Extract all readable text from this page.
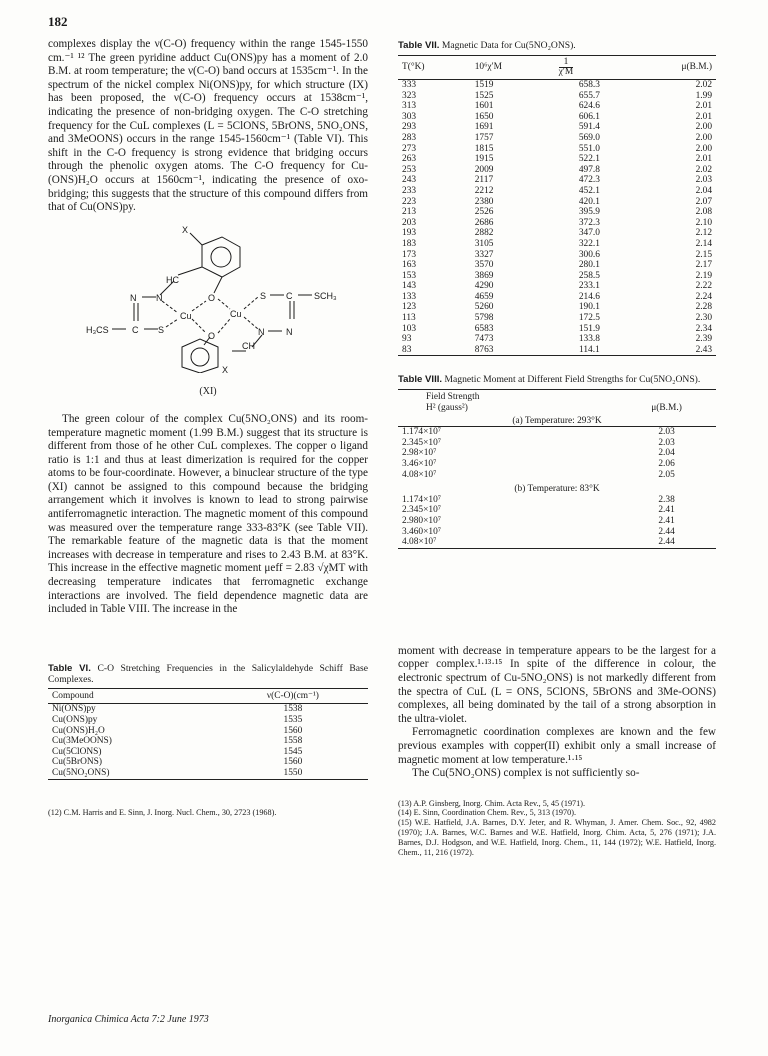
182

complexes display the ν(C-O) frequency within the range 1545-1550 cm.⁻¹ ¹² The green pyridine adduct Cu(ONS)py has a moment of 2.0 B.M. at room temperature; the ν(C-O) band occurs at 1535cm⁻¹. In the spectrum of the nickel complex Ni(ONS)py, for which structure (IX) has been proposed, the ν(C-O) frequency occurs at 1538cm⁻¹, indicating the presence of non-bridging oxygen. The C-O stretching frequency for the CuL complexes (L = 5ClONS, 5BrONS, 5NO₂ONS, and 3MeOONS) occurs in the range 1545-1560cm⁻¹ (Table VI). This shift in the C-O frequency is strong evidence that bridging occurs through the phenolic oxygen atoms. The C-O frequency for Cu-(ONS)H₂O occurs at 1560cm⁻¹, indicating the presence of oxo-bridging; this suggests that the structure of this compound differs from that of Cu(ONS)py.

X
HC
N N
C S
H₃CS
Cu
O
O
Cu
S C SCH₃
N N
CH
X
(XI)

The green colour of the complex Cu(5NO₂ONS) and its room-temperature magnetic moment (1.99 B.M.) suggest that its structure is different from those of he other CuL complexes. The copper o ligand ratio is 1:1 and thus at least dimerization is required for the copper atoms to be four-coordinate. However, a binuclear structure of the type (XI) cannot be assigned to this compound because the bridging arrangement which it involves is known to lead to strong pairwise antiferromagnetic interaction. The magnetic moment of this compound was measured over the temperature range 333-83°K (see Table VII). The remarkable feature of the magnetic data is that the moment increases with decrease in temperature and rises to 2.43 B.M. at 83°K. This increase in the effective magnetic moment μeff = 2.83 √χMT with decreasing temperature indicates that ferromagnetic exchange interactions are involved. The field dependence magnetic data are included in Table VIII. The increase in the

Table VI. C-O Stretching Frequencies in the Salicylaldehyde Schiff Base Complexes.

Compound	ν(C-O)(cm⁻¹)
Ni(ONS)py	1538
Cu(ONS)py	1535
Cu(ONS)H₂O	1560
Cu(3MeOONS)	1558
Cu(5ClONS)	1545
Cu(5BrONS)	1560
Cu(5NO₂ONS)	1550
(12) C.M. Harris and E. Sinn, J. Inorg. Nucl. Chem., 30, 2723 (1968).

Table VII. Magnetic Data for Cu(5NO₂ONS).

T(°K)	10⁶χ′M	$\frac{1}{\chi'M}$	μ(B.M.)
333	1519	658.3	2.02
323	1525	655.7	1.99
313	1601	624.6	2.01
303	1650	606.1	2.01
293	1691	591.4	2.00
283	1757	569.0	2.00
273	1815	551.0	2.00
263	1915	522.1	2.01
253	2009	497.8	2.02
243	2117	472.3	2.03
233	2212	452.1	2.04
223	2380	420.1	2.07
213	2526	395.9	2.08
203	2686	372.3	2.10
193	2882	347.0	2.12
183	3105	322.1	2.14
173	3327	300.6	2.15
163	3570	280.1	2.17
153	3869	258.5	2.19
143	4290	233.1	2.22
133	4659	214.6	2.24
123	5260	190.1	2.28
113	5798	172.5	2.30
103	6583	151.9	2.34
93	7473	133.8	2.39
83	8763	114.1	2.43

Table VIII. Magnetic Moment at Different Field Strengths for Cu(5NO₂ONS).

Field Strength
H² (gauss²)	μ(B.M.)
(a) Temperature: 293°K	
1.174×10⁷	2.03
2.345×10⁷	2.03
2.98×10⁷	2.04
3.46×10⁷	2.06
4.08×10⁷	2.05
(b) Temperature: 83°K	
1.174×10⁷	2.38
2.345×10⁷	2.41
2.980×10⁷	2.41
3.460×10⁷	2.44
4.08×10⁷	2.44

moment with decrease in temperature appears to be the largest for a copper complex.¹·¹³·¹⁵ In spite of the difference in colour, the electronic spectrum of Cu-5NO₂ONS) is not markedly different from the spectra of CuL (L = ONS, 5ClONS, 5BrONS and 3Me-OONS) complexes, all being dominated by the tail of a strong absorption in the ultra-violet.

Ferromagnetic coordination complexes are known and the few previous examples with copper(II) exhibit only a small increase of magnetic moment at low temperature.¹·¹⁵

The Cu(5NO₂ONS) complex is not sufficiently so-

(13) A.P. Ginsberg, Inorg. Chim. Acta Rev., 5, 45 (1971).
(14) E. Sinn, Coordination Chem. Rev., 5, 313 (1970).
(15) W.E. Hatfield, J.A. Barnes, D.Y. Jeter, and R. Whyman, J. Amer. Chem. Soc., 92, 4982 (1970); J.A. Barnes, W.C. Barnes and W.E. Hatfield, Inorg. Chim. Acta, 5, 276 (1971); J.A. Barnes, D.J. Hodgson, and W.E. Hatfield, Inorg. Chem., 11, 144 (1972); W.E. Hatfield, Inorg. Chem., 11, 216 (1972).
Inorganica Chimica Acta 7:2 June 1973
